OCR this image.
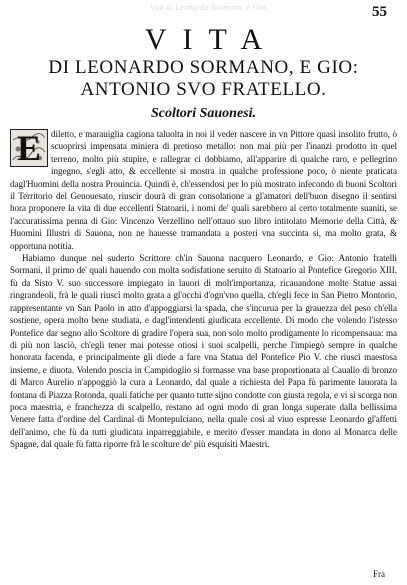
Vita di Leonardo Sormano, e Gio.	55
VITA
DI LEONARDO SORMANO, E GIO:
ANTONIO SVO FRATELLO.
Scoltori Sauonesi.
E	diletto, e marauiglia cagiona taluolta in noi il veder nascere in vn Pittore quasi insolito frutto, ò scuoprirsi impensata miniera di pretioso metallo: non mai più per l'inanzi prodotto in quel terreno, molto più stupire, e rallegrar ci dobbiamo, all'apparire di qualche raro, e pellegrino ingegno, s'egli atto, & eccellente si mostra in qualche professione poco, ò niente praticata dagl'Huomini della nostra Prouincia. Quindi è, ch'essendosi per lo più mostrato infecondo di buoni Scoltori il Territorio del Genouesato, riuscir dourà di gran consolatione a gl'amatori dell'buon disegno il sentirsi hora proponere la vita di due eccellenti Statoarii, i nomi de' quali sarebbero al certo totalmente suaniti, se l'accuratissima penna di Gio: Vincenzo Verzellino nell'ottauo suo libro intitolato Memorie della Città, & Huomini Illustri di Sauona, non ne hauesse tramandata a posteri vna succinta si, ma molto grata, & opportuna notitia.

Habiamo dunque nel suderto Scrittore ch'in Sauona nacquero Leonardo, e Gio: Antonio fratelli Sormani, il primo de' quali hauendo con molta sodisfatione seruito di Statoario al Pontefice Gregorio XIII. fù da Sisto V. suo successore impiegato in lauori di molt'importanza, ricauandone molte Statue assai ringrandeoli, frà le quali riuscì molto grata a gl'occhi d'ogn'vno quella, ch'egli fece in San Pietro Montorio, rappresentante vn San Paolo in atto d'appoggiarsi la spada, che s'incurua per la grauezza del peso ch'ella sostiene, opera molto bene studiata, e dagl'intendenti giudicata eccellente. Di modo che volendo l'istesso Pontefice dar segno allo Scoltore di gradire l'opera sua, non solo molto prodigamente lo ricompensaua: ma di più non lasciò, ch'egli tener mai potesse otiosi i suoi scalpelli, perche l'impiegò sempre in qualche honorata facenda, e principalmente gli diede a fare vna Statua del Pontefice Pio V. che riuscì maestosa insieme, e diuota. Volendo poscia in Campidoglio si formasse vna base proportionata al Cauallo di bronzo di Marco Aurelio n'appoggiò la cura a Leonardo, dal quale a richiesta del Papa fù parimente lauorata la fontana di Piazza Rotonda, quali fatiche per quanto tutte sijno condotte con giusta regola, e vi si scorga non poca maestria, e franchezza di scalpello, restano ad ogni modo di gran longa superate dalla bellissima Venere fatta d'ordine del Cardinal di Montepulciano, nella quale così al viuo espresse Leonardo gl'affetti dell'animo, che fù da tutti giudicata inparreggiabile, e merito d'esser mandata in dono al Monarca delle Spagne, dal quale fù fatta riporre frà le scolture de' più esquisiti Maestri.

Fra
